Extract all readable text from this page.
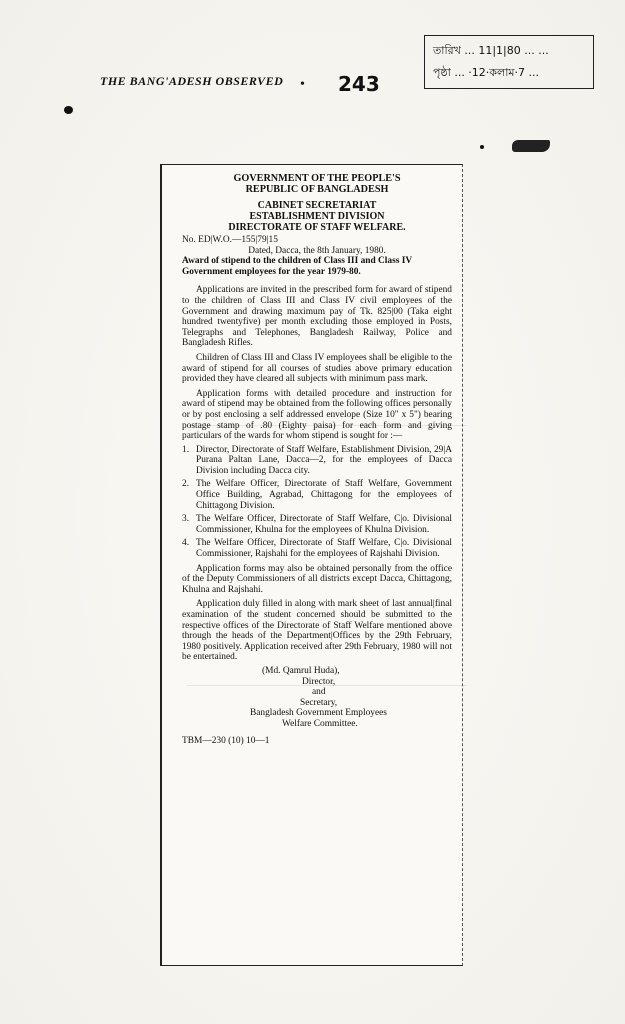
THE BANG'ADESH OBSERVED • 243
তারিখ ... 11|1|80 ... ...
পৃষ্ঠা ... ·12·কলাম·7 ...
GOVERNMENT OF THE PEOPLE'S
REPUBLIC OF BANGLADESH
CABINET SECRETARIAT
ESTABLISHMENT DIVISION
DIRECTORATE OF STAFF WELFARE.
No. ED|W.O.—155|79|15
Dated, Dacca, the 8th January, 1980.
Award of stipend to the children of Class III and Class IV Government employees for the year 1979-80.
Applications are invited in the prescribed form for award of stipend to the children of Class III and Class IV civil employees of the Government and drawing maximum pay of Tk. 825|00 (Taka eight hundred twentyfive) per month excluding those employed in Posts, Telegraphs and Telephones, Bangladesh Railway, Police and Bangladesh Rifles.
Children of Class III and Class IV employees shall be eligible to the award of stipend for all courses of studies above primary education provided they have cleared all subjects with minimum pass mark.
Application forms with detailed procedure and instruction for award of stipend may be obtained from the following offices personally or by post enclosing a self addressed envelope (Size 10" x 5") bearing postage stamp of .80 (Eighty paisa) for each form and giving particulars of the wards for whom stipend is sought for :—
1. Director, Directorate of Staff Welfare, Establishment Division, 29|A Purana Paltan Lane, Dacca—2, for the employees of Dacca Division including Dacca city.
2. The Welfare Officer, Directorate of Staff Welfare, Government Office Building, Agrabad, Chittagong for the employees of Chittagong Division.
3. The Welfare Officer, Directorate of Staff Welfare, C|o. Divisional Commissioner, Khulna for the employees of Khulna Division.
4. The Welfare Officer, Directorate of Staff Welfare, C|o. Divisional Commissioner, Rajshahi for the employees of Rajshahi Division.
Application forms may also be obtained personally from the office of the Deputy Commissioners of all districts except Dacca, Chittagong, Khulna and Rajshahi.
Application duly filled in along with mark sheet of last annual|final examination of the student concerned should be submitted to the respective offices of the Directorate of Staff Welfare mentioned above through the heads of the Department|Offices by the 29th February, 1980 positively. Application received after 29th February, 1980 will not be entertained.
(Md. Qamrul Huda),
Director,
and
Secretary,
Bangladesh Government Employees
Welfare Committee.
TBM—230 (10) 10—1
